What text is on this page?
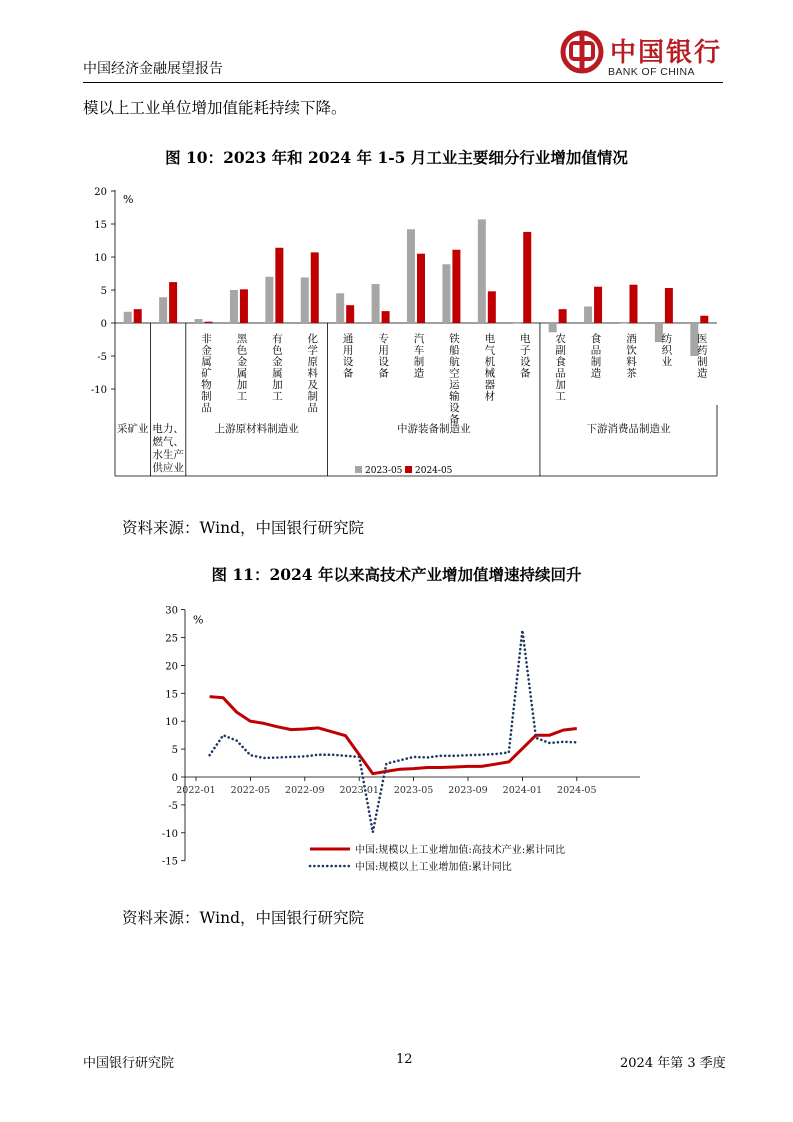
中国经济金融展望报告
中国银行
BANK OF CHINA
模以上工业单位增加值能耗持续下降。
图 10：2023 年和 2024 年 1-5 月工业主要细分行业增加值情况
-10
-5
0
5
10
15
20
%
采矿业 电力、
燃气、
水生产
供应业
上游原材料制造业	中游装备制造业	下游消费品制造业
非金属矿物制品
黑色金属加工
有色金属加工
化学原料及制品
通用设备
专用设备
汽车制造
铁船航空运输设备
电气机械器材
电子设备
农副食品加工
食品制造
酒饮料茶
纺织业
医药制造
2023-05 2024-05
资料来源：Wind，中国银行研究院
图 11：2024 年以来高技术产业增加值增速持续回升
-15
-10
-5
0
5
10
15
20
25
30
%
2022-01 2022-05 2022-09 2023-01 2023-05 2023-09 2024-01 2024-05
中国:规模以上工业增加值:高技术产业:累计同比
中国:规模以上工业增加值:累计同比
资料来源：Wind，中国银行研究院
中国银行研究院	12	2024 年第 3 季度
